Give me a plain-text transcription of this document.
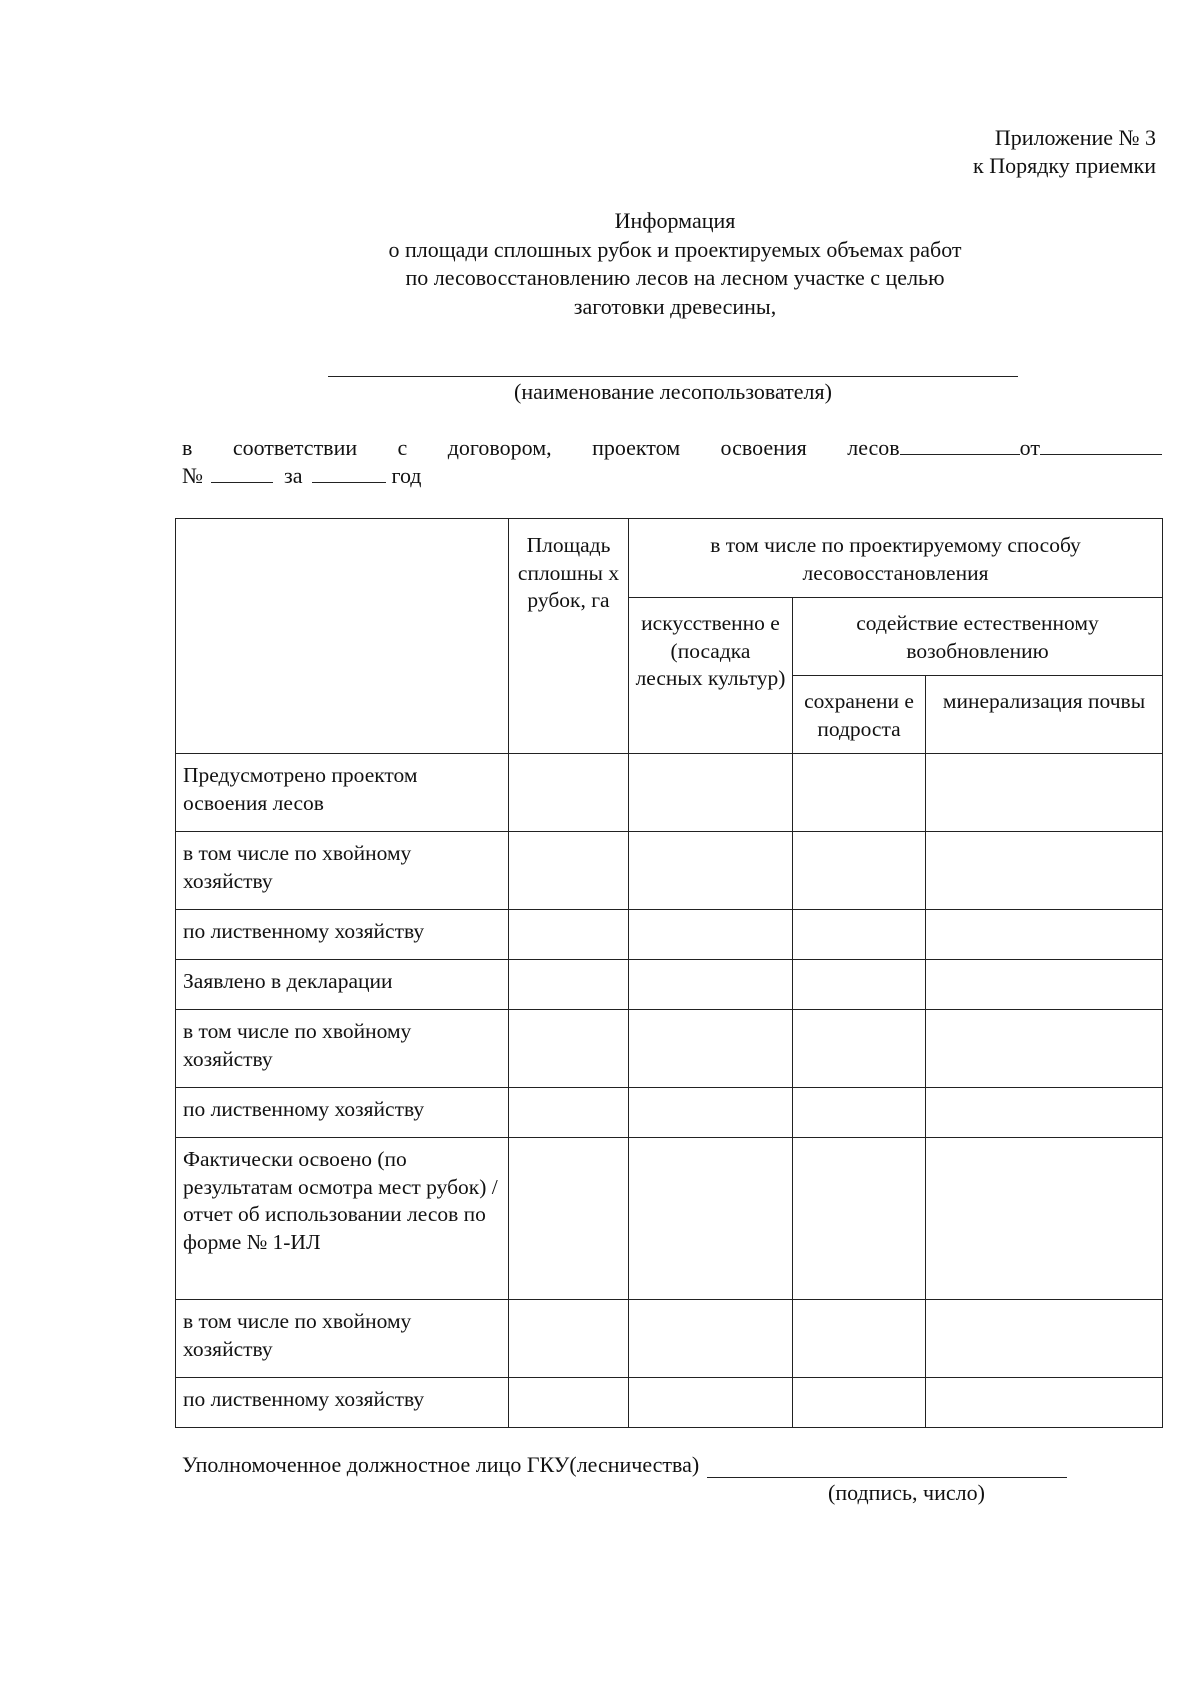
Приложение № 3
к Порядку приемки
Информация
о площади сплошных рубок и проектируемых объемах работ
по лесовосстановлению лесов на лесном участке с целью
заготовки древесины,
(наименование лесопользователя)
в соответствии с договором, проектом освоения лесов	от
№	за	год
	Площадь сплошны х рубок, га	в том числе по проектируемому способу лесовосстановления		
		искусственно е (посадка лесных культур)	содействие естественному возобновлению	
			сохранени е подроста	минерализация почвы
Предусмотрено проектом освоения лесов				
в том числе по хвойному хозяйству				
по лиственному хозяйству				
Заявлено в декларации				
в том числе по хвойному хозяйству				
по лиственному хозяйству				
Фактически освоено (по результатам осмотра мест рубок) / отчет об использовании лесов по форме № 1-ИЛ				
в том числе по хвойному хозяйству				
по лиственному хозяйству				
Уполномоченное должностное лицо ГКУ(лесничества)
(подпись, число)
